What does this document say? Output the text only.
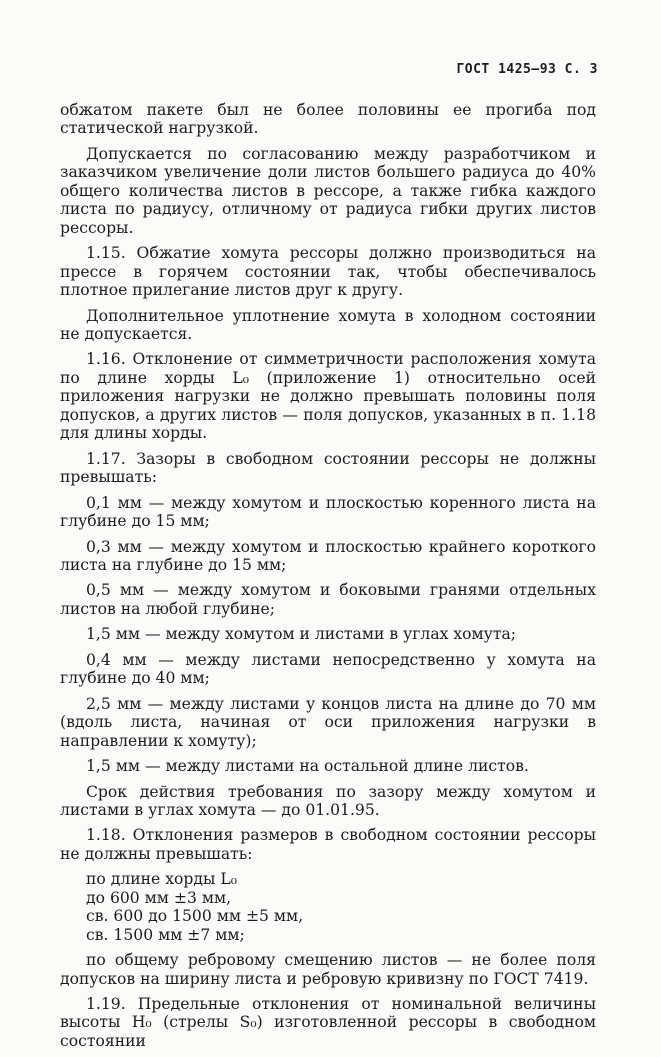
ГОСТ 1425—93 С. 3

обжатом пакете был не более половины ее прогиба под статической нагрузкой.

Допускается по согласованию между разработчиком и заказчиком увеличение доли листов большего радиуса до 40% общего количества листов в рессоре, а также гибка каждого листа по радиусу, отличному от радиуса гибки других листов рессоры.

1.15. Обжатие хомута рессоры должно производиться на прессе в горячем состоянии так, чтобы обеспечивалось плотное прилегание листов друг к другу.

Дополнительное уплотнение хомута в холодном состоянии не допускается.

1.16. Отклонение от симметричности расположения хомута по длине хорды L₀ (приложение 1) относительно осей приложения нагрузки не должно превышать половины поля допусков, а других листов — поля допусков, указанных в п. 1.18 для длины хорды.

1.17. Зазоры в свободном состоянии рессоры не должны превышать:

0,1 мм — между хомутом и плоскостью коренного листа на глубине до 15 мм;

0,3 мм — между хомутом и плоскостью крайнего короткого листа на глубине до 15 мм;

0,5 мм — между хомутом и боковыми гранями отдельных листов на любой глубине;

1,5 мм — между хомутом и листами в углах хомута;

0,4 мм — между листами непосредственно у хомута на глубине до 40 мм;

2,5 мм — между листами у концов листа на длине до 70 мм (вдоль листа, начиная от оси приложения нагрузки в направлении к хомуту);

1,5 мм — между листами на остальной длине листов.

Срок действия требования по зазору между хомутом и листами в углах хомута — до 01.01.95.

1.18. Отклонения размеров в свободном состоянии рессоры не должны превышать:

по длине хорды L₀

до 600 мм ±3 мм,

св. 600 до 1500 мм ±5 мм,

св. 1500 мм ±7 мм;

по общему ребровому смещению листов — не более поля допусков на ширину листа и ребровую кривизну по ГОСТ 7419.

1.19. Предельные отклонения от номинальной величины высоты H₀ (стрелы S₀) изготовленной рессоры в свободном состоянии
